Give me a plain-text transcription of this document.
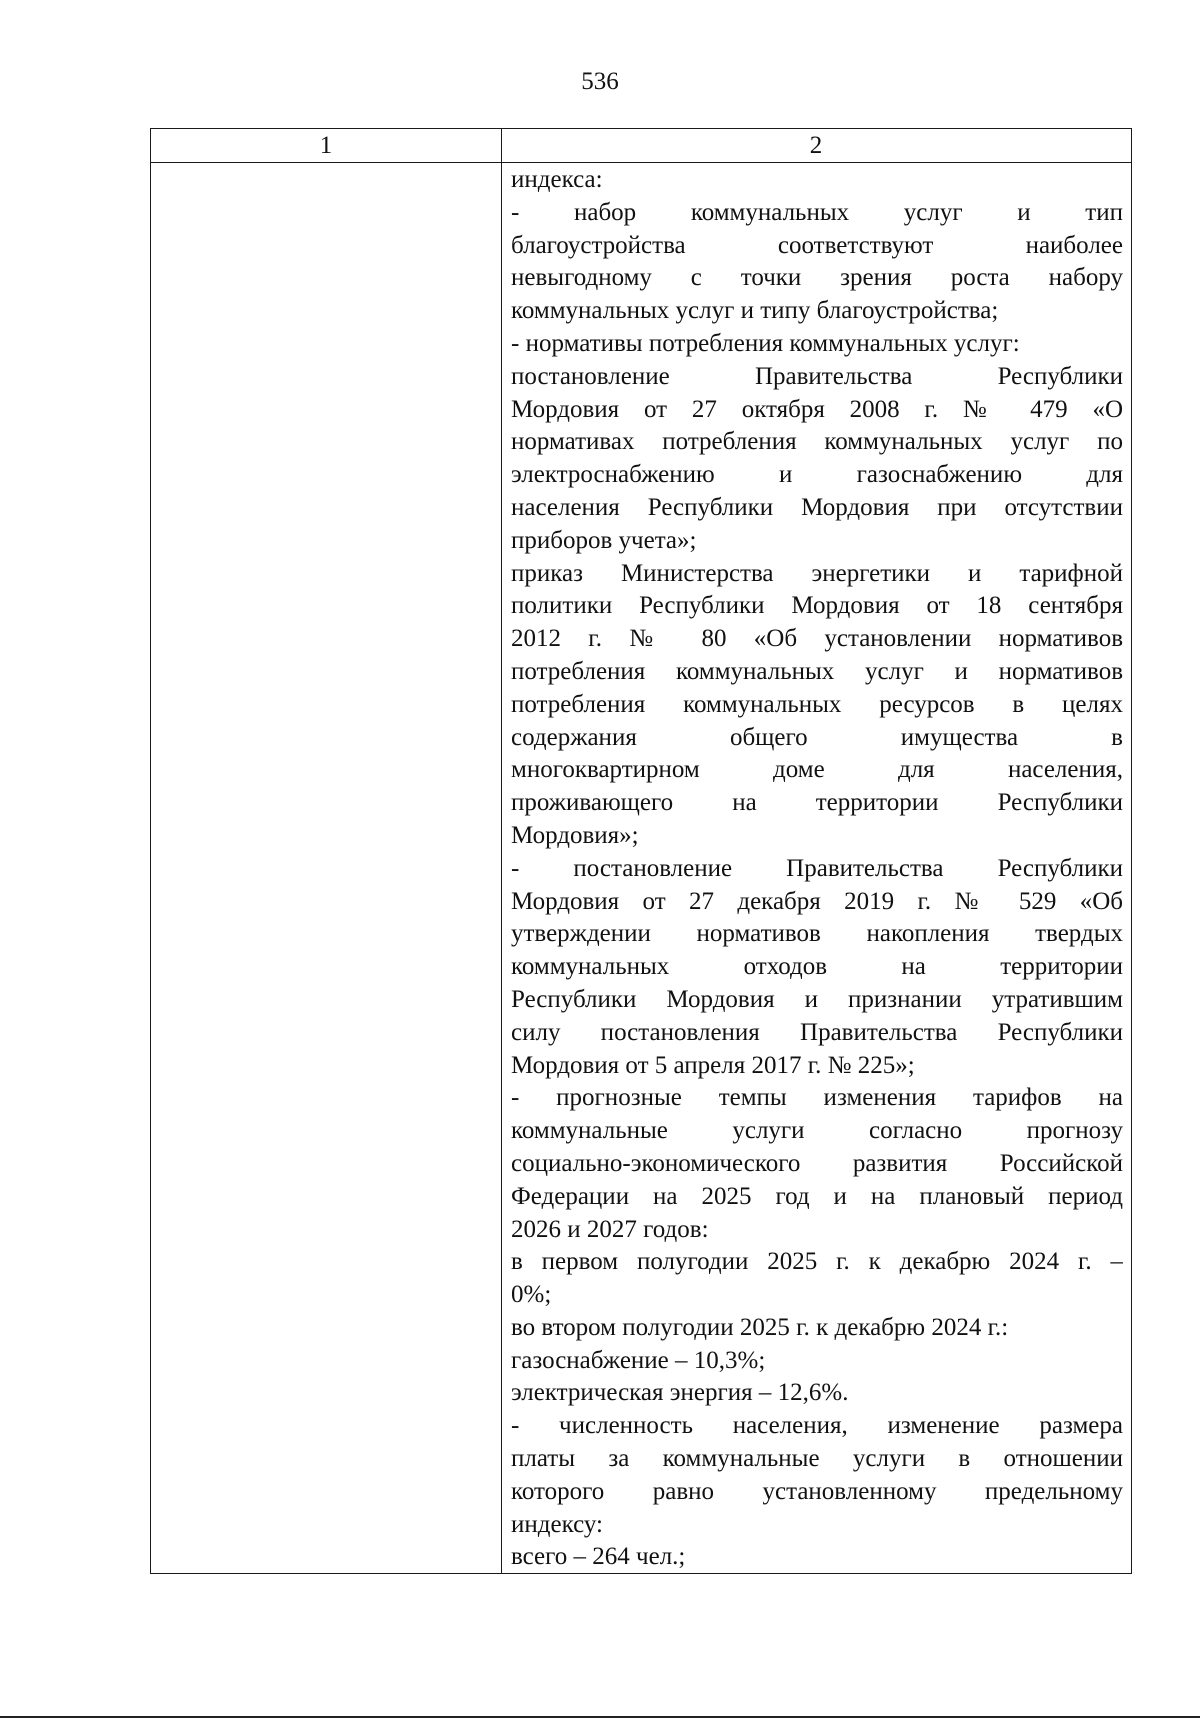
536
1	2
индекса:
- набор коммунальных услуг и тип
благоустройства соответствуют наиболее
невыгодному с точки зрения роста набору
коммунальных услуг и типу благоустройства;
- нормативы потребления коммунальных услуг:
постановление Правительства Республики
Мордовия от 27 октября 2008 г. № 479 «О
нормативах потребления коммунальных услуг по
электроснабжению и газоснабжению для
населения Республики Мордовия при отсутствии
приборов учета»;
приказ Министерства энергетики и тарифной
политики Республики Мордовия от 18 сентября
2012 г. № 80 «Об установлении нормативов
потребления коммунальных услуг и нормативов
потребления коммунальных ресурсов в целях
содержания общего имущества в
многоквартирном доме для населения,
проживающего на территории Республики
Мордовия»;
- постановление Правительства Республики
Мордовия от 27 декабря 2019 г. № 529 «Об
утверждении нормативов накопления твердых
коммунальных отходов на территории
Республики Мордовия и признании утратившим
силу постановления Правительства Республики
Мордовия от 5 апреля 2017 г. № 225»;
- прогнозные темпы изменения тарифов на
коммунальные услуги согласно прогнозу
социально-экономического развития Российской
Федерации на 2025 год и на плановый период
2026 и 2027 годов:
в первом полугодии 2025 г. к декабрю 2024 г. –
0%;
во втором полугодии 2025 г. к декабрю 2024 г.:
газоснабжение – 10,3%;
электрическая энергия – 12,6%.
- численность населения, изменение размера
платы за коммунальные услуги в отношении
которого равно установленному предельному
индексу:
всего – 264 чел.;
